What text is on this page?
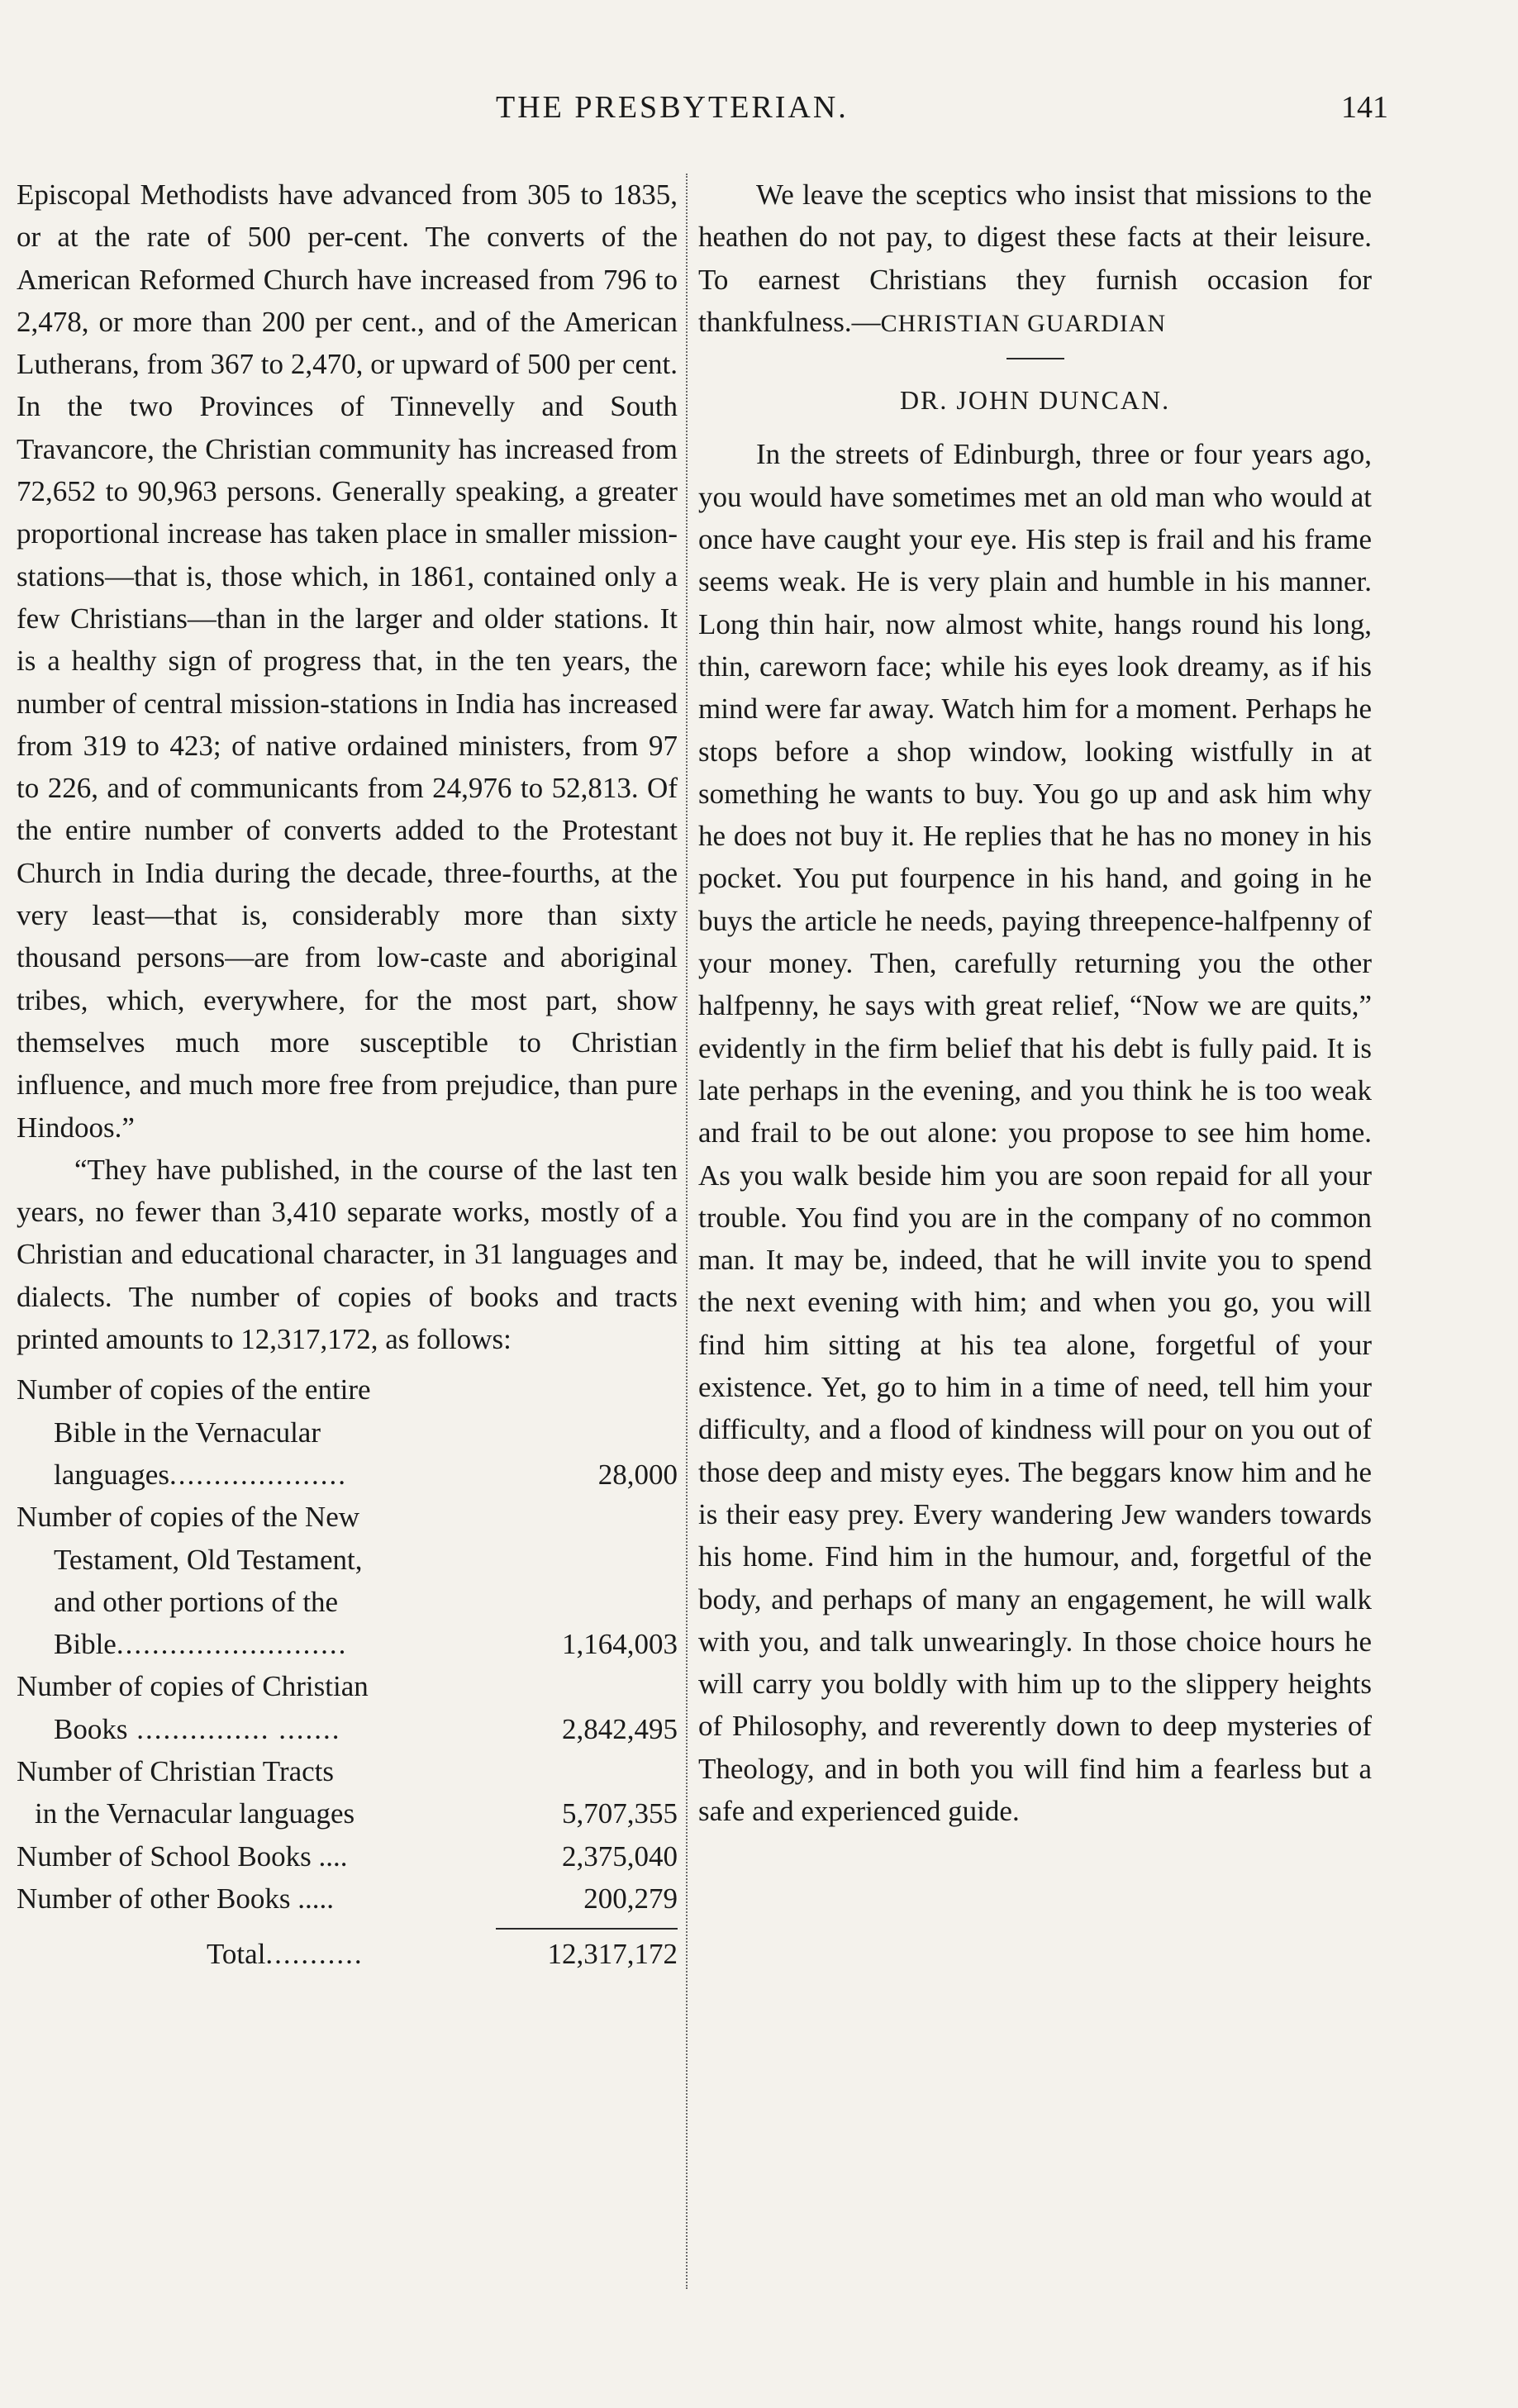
THE PRESBYTERIAN.	141

Episcopal Methodists have advanced from 305 to 1835, or at the rate of 500 per-cent. The converts of the American Reformed Church have increased from 796 to 2,478, or more than 200 per cent., and of the American Lutherans, from 367 to 2,470, or upward of 500 per cent. In the two Provinces of Tinnevelly and South Travancore, the Christian community has increased from 72,652 to 90,963 persons. Generally speaking, a greater proportional increase has taken place in smaller mission-stations—that is, those which, in 1861, contained only a few Christians—than in the larger and older stations. It is a healthy sign of progress that, in the ten years, the number of central mission-stations in India has increased from 319 to 423; of native ordained ministers, from 97 to 226, and of communicants from 24,976 to 52,813. Of the entire number of converts added to the Protestant Church in India during the decade, three-fourths, at the very least—that is, considerably more than sixty thousand persons—are from low-caste and aboriginal tribes, which, everywhere, for the most part, show themselves much more susceptible to Christian influence, and much more free from prejudice, than pure Hindoos.”

“They have published, in the course of the last ten years, no fewer than 3,410 separate works, mostly of a Christian and educational character, in 31 languages and dialects. The number of copies of books and tracts printed amounts to 12,317,172, as follows:

Number of copies of the entire
Bible in the Vernacular
languages....................	28,000
Number of copies of the New
Testament, Old Testament,
and other portions of the
Bible..........................	1,164,003
Number of copies of Christian
Books ............... .......	2,842,495
Number of Christian Tracts
in the Vernacular languages	5,707,355
Number of School Books ....	2,375,040
Number of other Books .....	200,279
Total...........	12,317,172

We leave the sceptics who insist that missions to the heathen do not pay, to digest these facts at their leisure. To earnest Christians they furnish occasion for thankfulness.—CHRISTIAN GUARDIAN

DR. JOHN DUNCAN.

In the streets of Edinburgh, three or four years ago, you would have sometimes met an old man who would at once have caught your eye. His step is frail and his frame seems weak. He is very plain and humble in his manner. Long thin hair, now almost white, hangs round his long, thin, careworn face; while his eyes look dreamy, as if his mind were far away. Watch him for a moment. Perhaps he stops before a shop window, looking wistfully in at something he wants to buy. You go up and ask him why he does not buy it. He replies that he has no money in his pocket. You put fourpence in his hand, and going in he buys the article he needs, paying threepence-halfpenny of your money. Then, carefully returning you the other halfpenny, he says with great relief, “Now we are quits,” evidently in the firm belief that his debt is fully paid. It is late perhaps in the evening, and you think he is too weak and frail to be out alone: you propose to see him home. As you walk beside him you are soon repaid for all your trouble. You find you are in the company of no common man. It may be, indeed, that he will invite you to spend the next evening with him; and when you go, you will find him sitting at his tea alone, forgetful of your existence. Yet, go to him in a time of need, tell him your difficulty, and a flood of kindness will pour on you out of those deep and misty eyes. The beggars know him and he is their easy prey. Every wandering Jew wanders towards his home. Find him in the humour, and, forgetful of the body, and perhaps of many an engagement, he will walk with you, and talk unwearingly. In those choice hours he will carry you boldly with him up to the slippery heights of Philosophy, and reverently down to deep mysteries of Theology, and in both you will find him a fearless but a safe and experienced guide.
